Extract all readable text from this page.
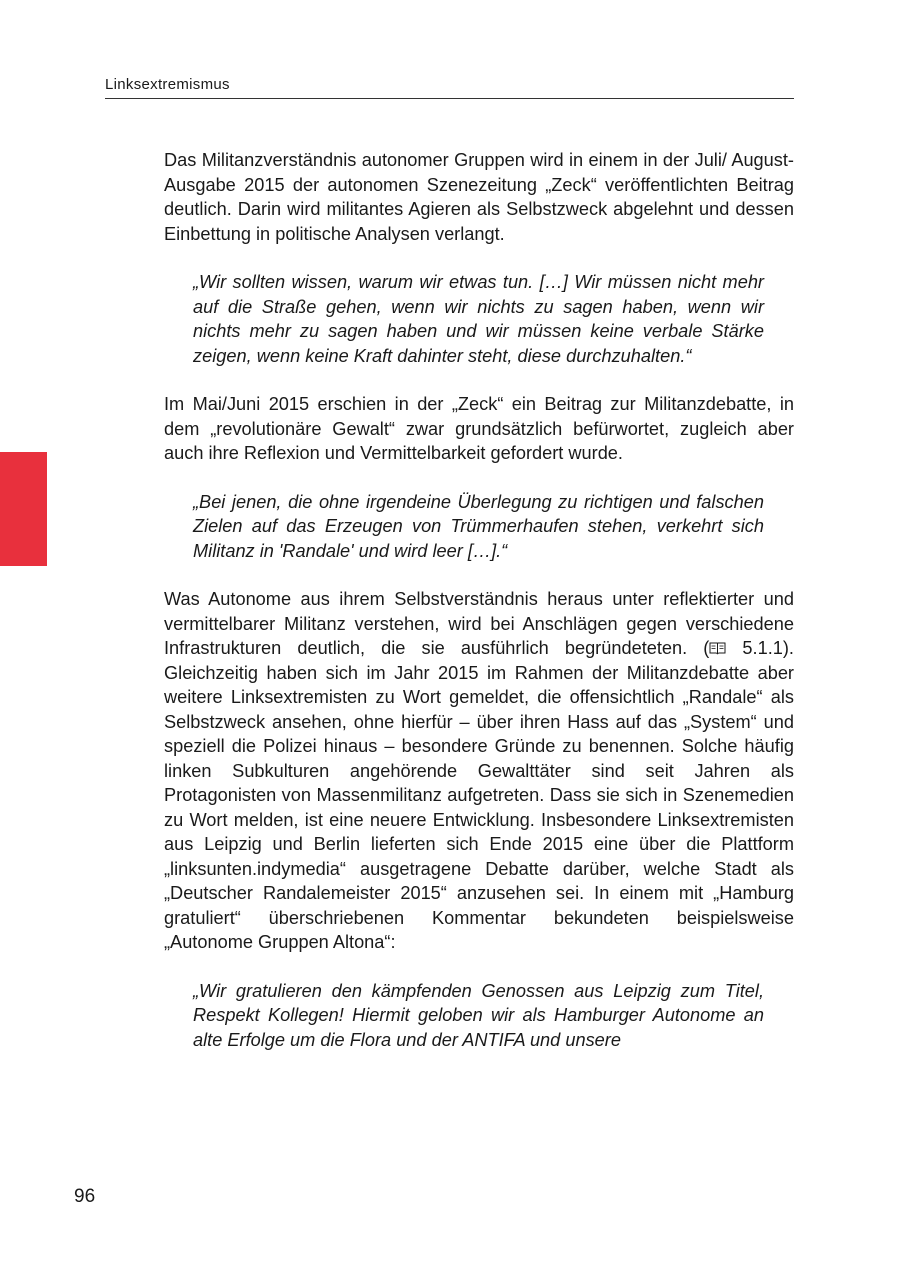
Linksextremismus

Das Militanzverständnis autonomer Gruppen wird in einem in der Juli/ August-Ausgabe 2015 der autonomen Szenezeitung „Zeck“ veröffentlichten Beitrag deutlich. Darin wird militantes Agieren als Selbstzweck abgelehnt und dessen Einbettung in politische Analysen verlangt.

„Wir sollten wissen, warum wir etwas tun. […] Wir müssen nicht mehr auf die Straße gehen, wenn wir nichts zu sagen haben, wenn wir nichts mehr zu sagen haben und wir müssen keine verbale Stärke zeigen, wenn keine Kraft dahinter steht, diese durchzuhalten.“

Im Mai/Juni 2015 erschien in der „Zeck“ ein Beitrag zur Militanzdebatte, in dem „revolutionäre Gewalt“ zwar grundsätzlich befürwortet, zugleich aber auch ihre Reflexion und Vermittelbarkeit gefordert wurde.

„Bei jenen, die ohne irgendeine Überlegung zu richtigen und falschen Zielen auf das Erzeugen von Trümmerhaufen stehen, verkehrt sich Militanz in 'Randale' und wird leer […].“

Was Autonome aus ihrem Selbstverständnis heraus unter reflektierter und vermittelbarer Militanz verstehen, wird bei Anschlägen gegen verschiedene Infrastrukturen deutlich, die sie ausführlich begründeteten. ( 5.1.1). Gleichzeitig haben sich im Jahr 2015 im Rahmen der Militanzdebatte aber weitere Linksextremisten zu Wort gemeldet, die offensichtlich „Randale“ als Selbstzweck ansehen, ohne hierfür – über ihren Hass auf das „System“ und speziell die Polizei hinaus – besondere Gründe zu benennen. Solche häufig linken Subkulturen angehörende Gewalttäter sind seit Jahren als Protagonisten von Massenmilitanz aufgetreten. Dass sie sich in Szenemedien zu Wort melden, ist eine neuere Entwicklung. Insbesondere Linksextremisten aus Leipzig und Berlin lieferten sich Ende 2015 eine über die Plattform „linksunten.indymedia“ ausgetragene Debatte darüber, welche Stadt als „Deutscher Randalemeister 2015“ anzusehen sei. In einem mit „Hamburg gratuliert“ überschriebenen Kommentar bekundeten beispielsweise „Autonome Gruppen Altona“:

„Wir gratulieren den kämpfenden Genossen aus Leipzig zum Titel, Respekt Kollegen! Hiermit geloben wir als Hamburger Autonome an alte Erfolge um die Flora und der ANTIFA und unsere

96
